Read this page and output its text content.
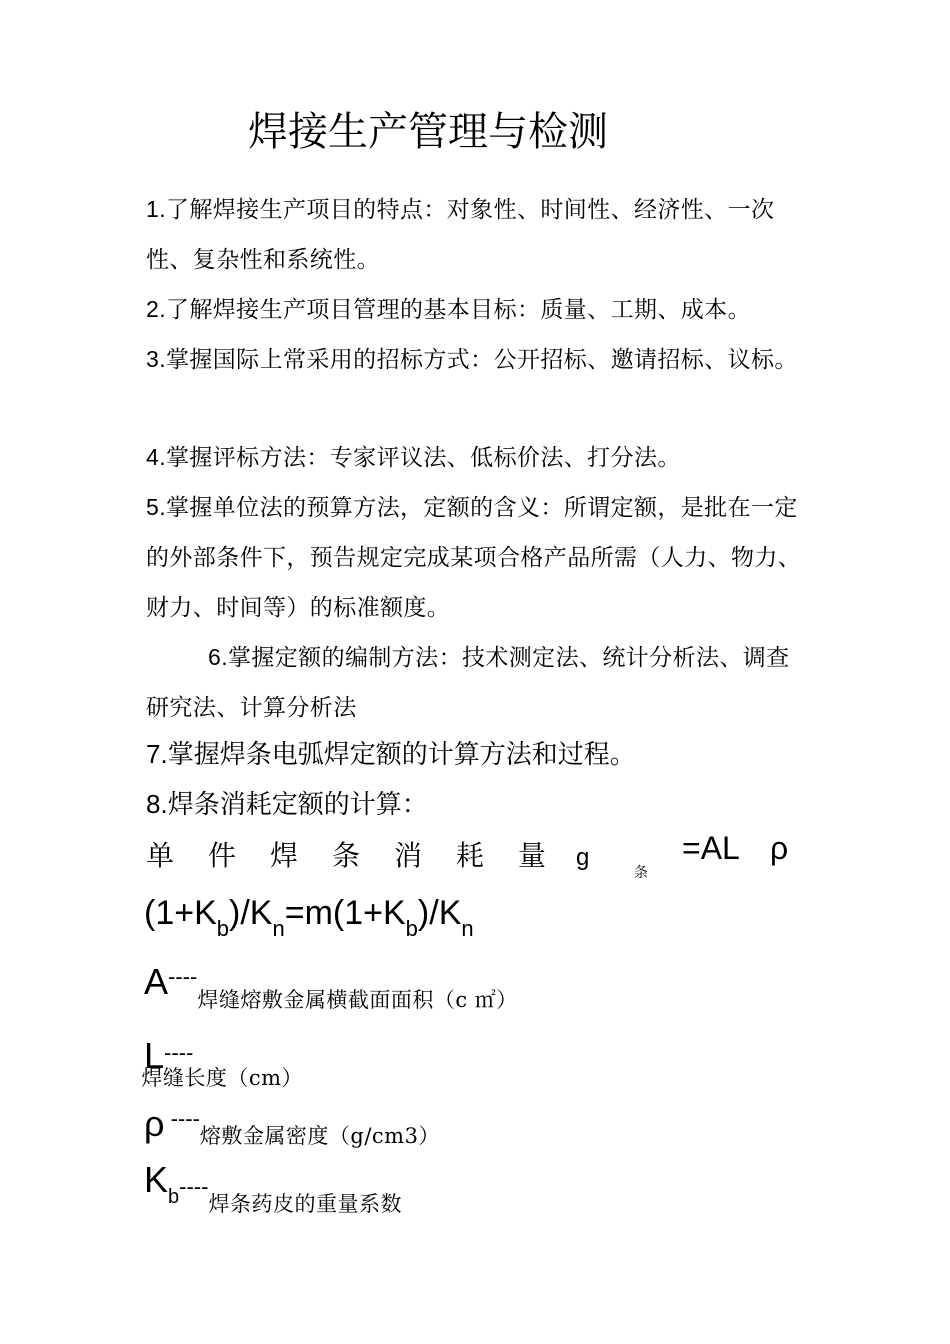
焊接生产管理与检测
1.了解焊接生产项目的特点：对象性、时间性、经济性、一次性、复杂性和系统性。
2.了解焊接生产项目管理的基本目标：质量、工期、成本。
3.掌握国际上常采用的招标方式：公开招标、邀请招标、议标。
4.掌握评标方法：专家评议法、低标价法、打分法。
5.掌握单位法的预算方法，定额的含义：所谓定额，是批在一定的外部条件下，预告规定完成某项合格产品所需（人力、物力、财力、时间等）的标准额度。
6.掌握定额的编制方法：技术测定法、统计分析法、调查研究法、计算分析法
7.掌握焊条电弧焊定额的计算方法和过程。
8.焊条消耗定额的计算：
单 件 焊 条 消 耗 量 g
条
=AL ρ
$(1+K_b)/K_n=m(1+K_b)/K_n$
A----焊缝熔敷金属横截面面积（c ㎡）
L----焊缝长度（cm）
ρ ----熔敷金属密度（g/cm3）
Kb----焊条药皮的重量系数
